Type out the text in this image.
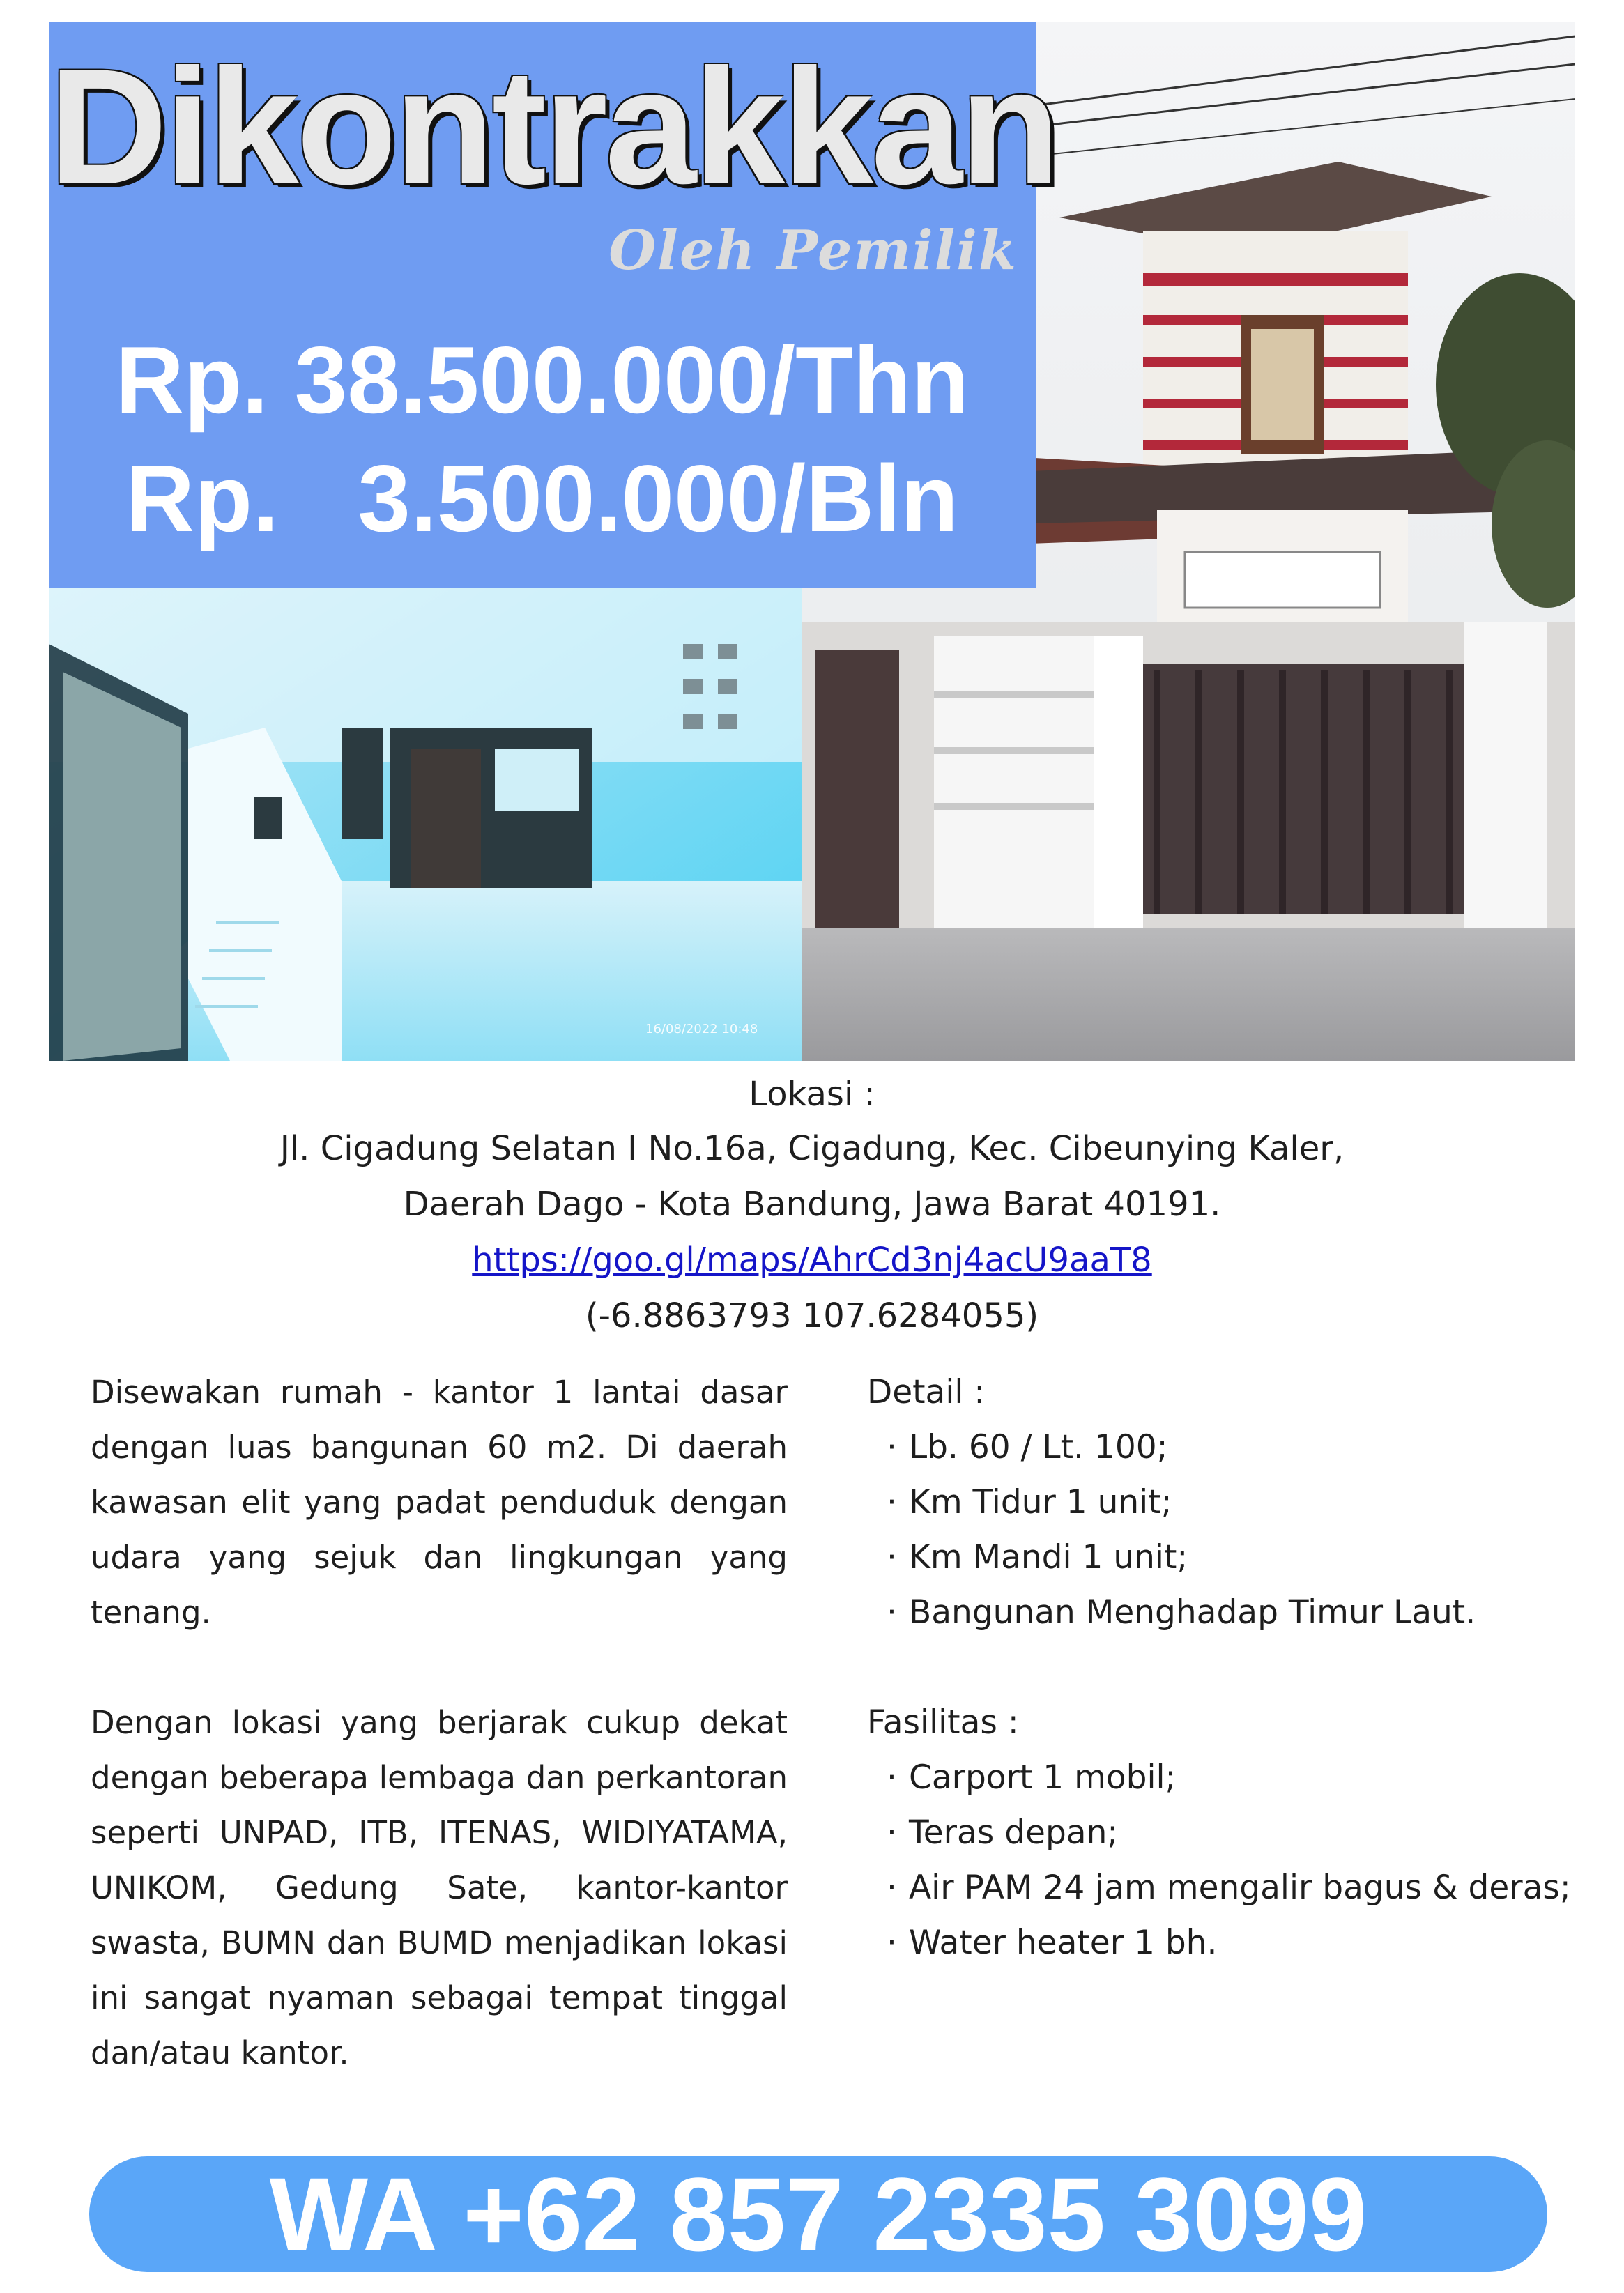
16/08/2022 10:48
Dikontrakkan
Oleh Pemilik
Rp. 38.500.000/Thn
Rp.   3.500.000/Bln
Lokasi :
Jl. Cigadung Selatan I No.16a, Cigadung, Kec. Cibeunying Kaler,
Daerah Dago - Kota Bandung, Jawa Barat 40191.
https://goo.gl/maps/AhrCd3nj4acU9aaT8
(-6.8863793 107.6284055)

Disewakan rumah - kantor 1 lantai dasar dengan luas bangunan 60 m2. Di daerah kawasan elit yang padat penduduk dengan udara yang sejuk dan lingkungan yang tenang.

Dengan lokasi yang berjarak cukup dekat dengan beberapa lembaga dan perkantoran seperti UNPAD, ITB, ITENAS, WIDIYATAMA, UNIKOM, Gedung Sate, kantor-kantor swasta, BUMN dan BUMD menjadikan lokasi ini sangat nyaman sebagai tempat tinggal dan/atau kantor.

Detail :
· Lb. 60 / Lt. 100;
· Km Tidur 1 unit;
· Km Mandi 1 unit;
· Bangunan Menghadap Timur Laut.
Fasilitas :
· Carport 1 mobil;
· Teras depan;
· Air PAM 24 jam mengalir bagus & deras;
· Water heater 1 bh.
WA +62 857 2335 3099
